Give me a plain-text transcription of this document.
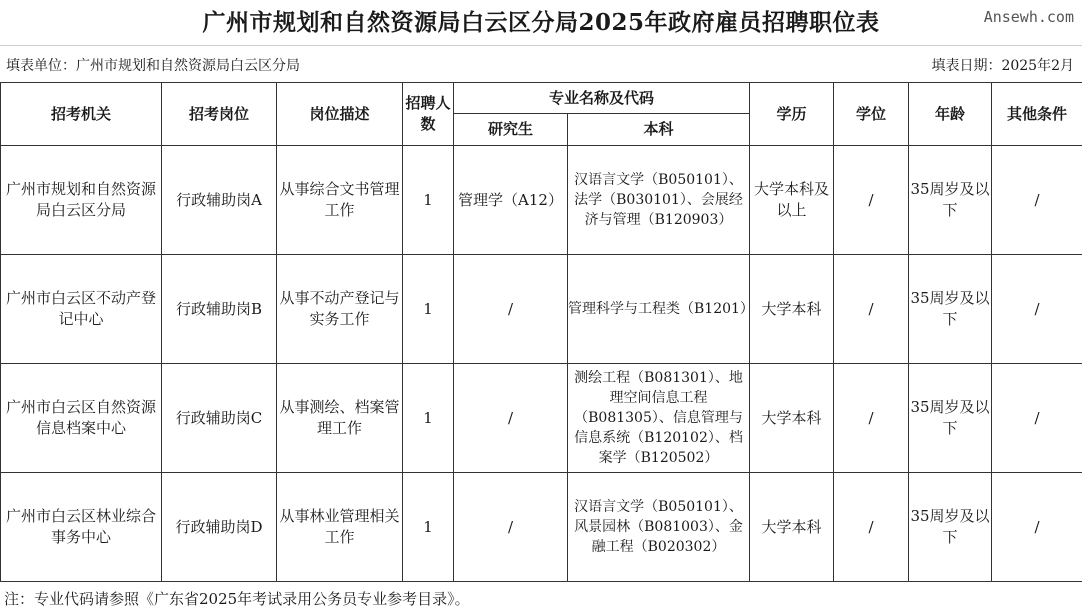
广州市规划和自然资源局白云区分局2025年政府雇员招聘职位表	Ansewh.com
填表单位：广州市规划和自然资源局白云区分局	填表日期：2025年2月
招考机关	招考岗位	岗位描述	招聘人数	专业名称及代码		学历	学位	年龄	其他条件
				研究生	本科				
广州市规划和自然资源局白云区分局	行政辅助岗A	从事综合文书管理工作	1	管理学（A12）	汉语言文学（B050101）、法学（B030101）、会展经济与管理（B120903）	大学本科及以上	/	35周岁及以下	/
广州市白云区不动产登记中心	行政辅助岗B	从事不动产登记与实务工作	1	/	管理科学与工程类（B1201）	大学本科	/	35周岁及以下	/
广州市白云区自然资源信息档案中心	行政辅助岗C	从事测绘、档案管理工作	1	/	测绘工程（B081301）、地理空间信息工程（B081305）、信息管理与信息系统（B120102）、档案学（B120502）	大学本科	/	35周岁及以下	/
广州市白云区林业综合事务中心	行政辅助岗D	从事林业管理相关工作	1	/	汉语言文学（B050101）、风景园林（B081003）、金融工程（B020302）	大学本科	/	35周岁及以下	/
注：专业代码请参照《广东省2025年考试录用公务员专业参考目录》。
